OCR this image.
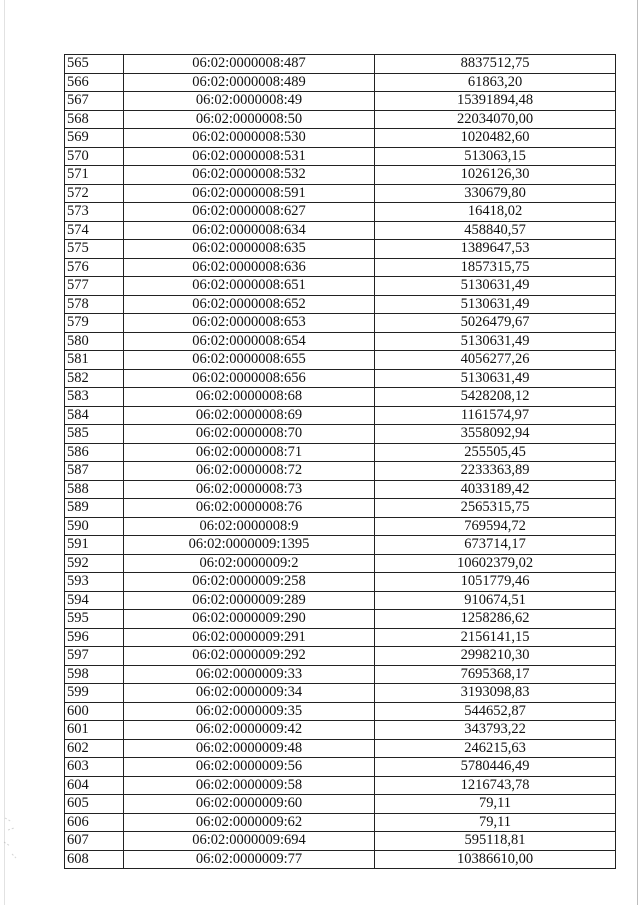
565	06:02:0000008:487	8837512,75
566	06:02:0000008:489	61863,20
567	06:02:0000008:49	15391894,48
568	06:02:0000008:50	22034070,00
569	06:02:0000008:530	1020482,60
570	06:02:0000008:531	513063,15
571	06:02:0000008:532	1026126,30
572	06:02:0000008:591	330679,80
573	06:02:0000008:627	16418,02
574	06:02:0000008:634	458840,57
575	06:02:0000008:635	1389647,53
576	06:02:0000008:636	1857315,75
577	06:02:0000008:651	5130631,49
578	06:02:0000008:652	5130631,49
579	06:02:0000008:653	5026479,67
580	06:02:0000008:654	5130631,49
581	06:02:0000008:655	4056277,26
582	06:02:0000008:656	5130631,49
583	06:02:0000008:68	5428208,12
584	06:02:0000008:69	1161574,97
585	06:02:0000008:70	3558092,94
586	06:02:0000008:71	255505,45
587	06:02:0000008:72	2233363,89
588	06:02:0000008:73	4033189,42
589	06:02:0000008:76	2565315,75
590	06:02:0000008:9	769594,72
591	06:02:0000009:1395	673714,17
592	06:02:0000009:2	10602379,02
593	06:02:0000009:258	1051779,46
594	06:02:0000009:289	910674,51
595	06:02:0000009:290	1258286,62
596	06:02:0000009:291	2156141,15
597	06:02:0000009:292	2998210,30
598	06:02:0000009:33	7695368,17
599	06:02:0000009:34	3193098,83
600	06:02:0000009:35	544652,87
601	06:02:0000009:42	343793,22
602	06:02:0000009:48	246215,63
603	06:02:0000009:56	5780446,49
604	06:02:0000009:58	1216743,78
605	06:02:0000009:60	79,11
606	06:02:0000009:62	79,11
607	06:02:0000009:694	595118,81
608	06:02:0000009:77	10386610,00
